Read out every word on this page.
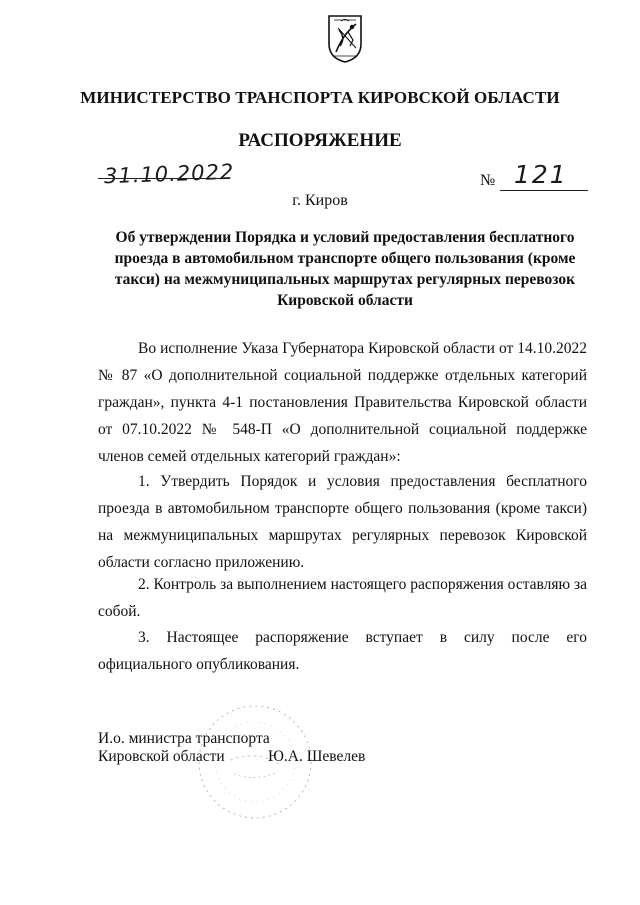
МИНИСТЕРСТВО ТРАНСПОРТА КИРОВСКОЙ ОБЛАСТИ
РАСПОРЯЖЕНИЕ
31.10.2022	№ 121
г. Киров
Об утверждении Порядка и условий предоставления бесплатного проезда в автомобильном транспорте общего пользования (кроме такси) на межмуниципальных маршрутах регулярных перевозок Кировской области
Во исполнение Указа Губернатора Кировской области от 14.10.2022 № 87 «О дополнительной социальной поддержке отдельных категорий граждан», пункта 4-1 постановления Правительства Кировской области от 07.10.2022 № 548-П «О дополнительной социальной поддержке членов семей отдельных категорий граждан»:
1. Утвердить Порядок и условия предоставления бесплатного проезда в автомобильном транспорте общего пользования (кроме такси) на межмуниципальных маршрутах регулярных перевозок Кировской области согласно приложению.
2. Контроль за выполнением настоящего распоряжения оставляю за собой.
3. Настоящее распоряжение вступает в силу после его официального опубликования.
И.о. министра транспорта
Кировской области	Ю.А. Шевелев
